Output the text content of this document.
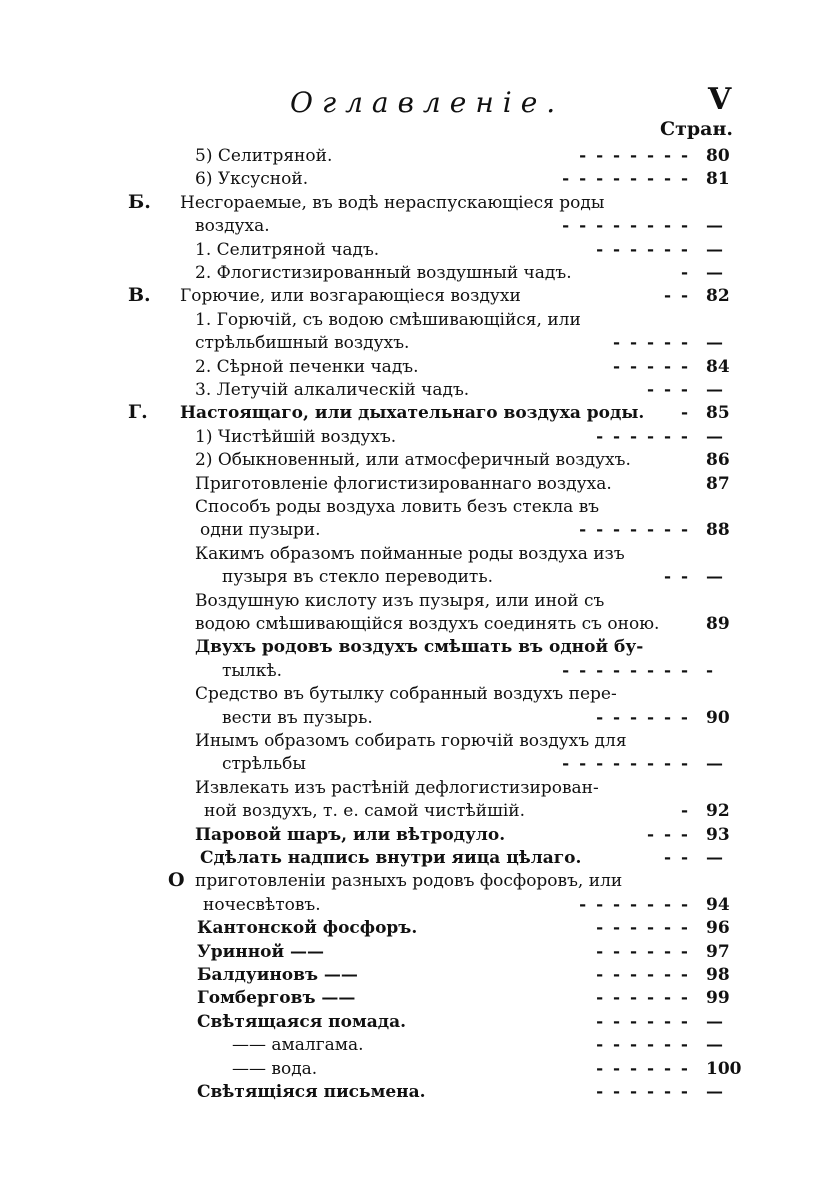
Оглавленіе.	V
Стран.
5) Селитряной.	- - - - - - - 80
6) Уксусной.	- - - - - - - - 81
Б. Несгораемые, въ водѣ нераспускающіеся роды
воздуха.	- - - - - - - - —
1. Селитряной чадъ.	- - - - - - —
2. Флогистизированный воздушный чадъ.	- —
В. Горючие, или возгарающіеся воздухи	- - 82
1. Горючій, съ водою смѣшивающійся, или
стрѣльбишный воздухъ.	- - - - - —
2. Сѣрной печенки чадъ.	- - - - - 84
3. Летучій алкалическій чадъ.	- - - —
Г. Настоящаго, или дыхательнаго воздуха роды. - 85
1) Чистѣйшій воздухъ.	- - - - - - —
2) Обыкновенный, или атмосферичный воздухъ.	86
Приготовленіе флогистизированнаго воздуха.	87
Способъ роды воздуха ловить безъ стекла въ
одни пузыри.	- - - - - - - 88
Какимъ образомъ пойманные роды воздуха изъ
пузыря въ стекло переводить.	- - —
Воздушную кислоту изъ пузыря, или иной съ
водою смѣшивающійся воздухъ соединять съ оною.	89
Двухъ родовъ воздухъ смѣшать въ одной бу-
тылкѣ.	- - - - - - - - -
Средство въ бутылку собранный воздухъ пере-
вести въ пузырь.	- - - - - - 90
Инымъ образомъ собирать горючій воздухъ для
стрѣльбы	- - - - - - - - —
Извлекать изъ растѣній дефлогистизирован-
ной воздухъ, т. е. самой чистѣйшій.	- 92
Паровой шаръ, или вѣтродуло.	- - - 93
Сдѣлать надпись внутри яица цѣлаго.	- - —
О приготовленіи разныхъ родовъ фосфоровъ, или
ночесвѣтовъ.	- - - - - - - 94
Кантонской фосфоръ.	- - - - - - 96
Уринной ——	- - - - - - 97
Балдуиновъ ——	- - - - - - 98
Гомберговъ ——	- - - - - - 99
Свѣтящаяся помада.	- - - - - - —
—— амалгама.	- - - - - - —
—— вода.	- - - - - - 100
Свѣтящіяся письмена.	- - - - - - —
